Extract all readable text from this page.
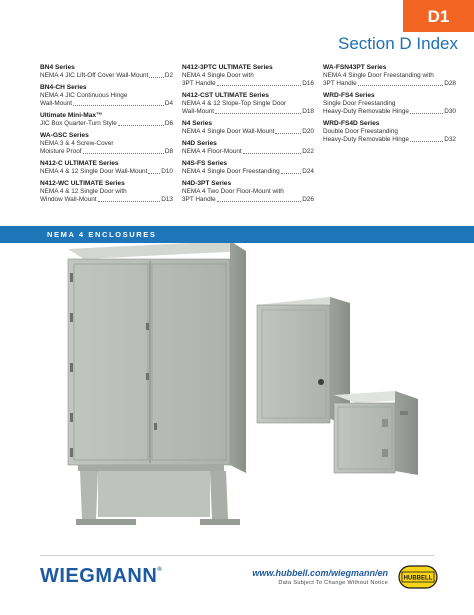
D1
Section D Index
BN4 Series
NEMA 4 JIC Lift-Off Cover Wall-Mount	D2
BN4-CH Series
NEMA 4 JIC Continuous Hinge
Wall-Mount	D4
Ultimate Mini-Max™
JIC Box Quarter-Turn Style	D6
WA-GSC Series
NEMA 3 & 4 Screw-Cover
Moisture Proof	D8
N412-C ULTIMATE Series
NEMA 4 & 12 Single Door Wall-Mount D10
N412-WC ULTIMATE Series
NEMA 4 & 12 Single Door with
Window Wall-Mount	D13
N412-3PTC ULTIMATE Series
NEMA 4 Single Door with
3PT Handle	D16
N412-CST ULTIMATE Series
NEMA 4 & 12 Slope-Top Single Door
Wall-Mount	D18
N4 Series
NEMA 4 Single Door Wall-Mount	D20
N4D Series
NEMA 4 Floor-Mount	D22
N4S-FS Series
NEMA 4 Single Door Freestanding	D24
N4D-3PT Series
NEMA 4 Two Door Floor-Mount with
3PT Handle	D26
WA-FSN43PT Series
NEMA 4 Single Door Freestanding with
3PT Handle	D28
WRD-FS4 Series
Single Door Freestanding
Heavy-Duty Removable Hinge	D30
WRD-FS4D Series
Double Door Freestanding
Heavy-Duty Removable Hinge	D32
NEMA 4 ENCLOSURES
WIEGMANN®	www.hubbell.com/wiegmann/en
Data Subject To Change Without Notice
HUBBELL
